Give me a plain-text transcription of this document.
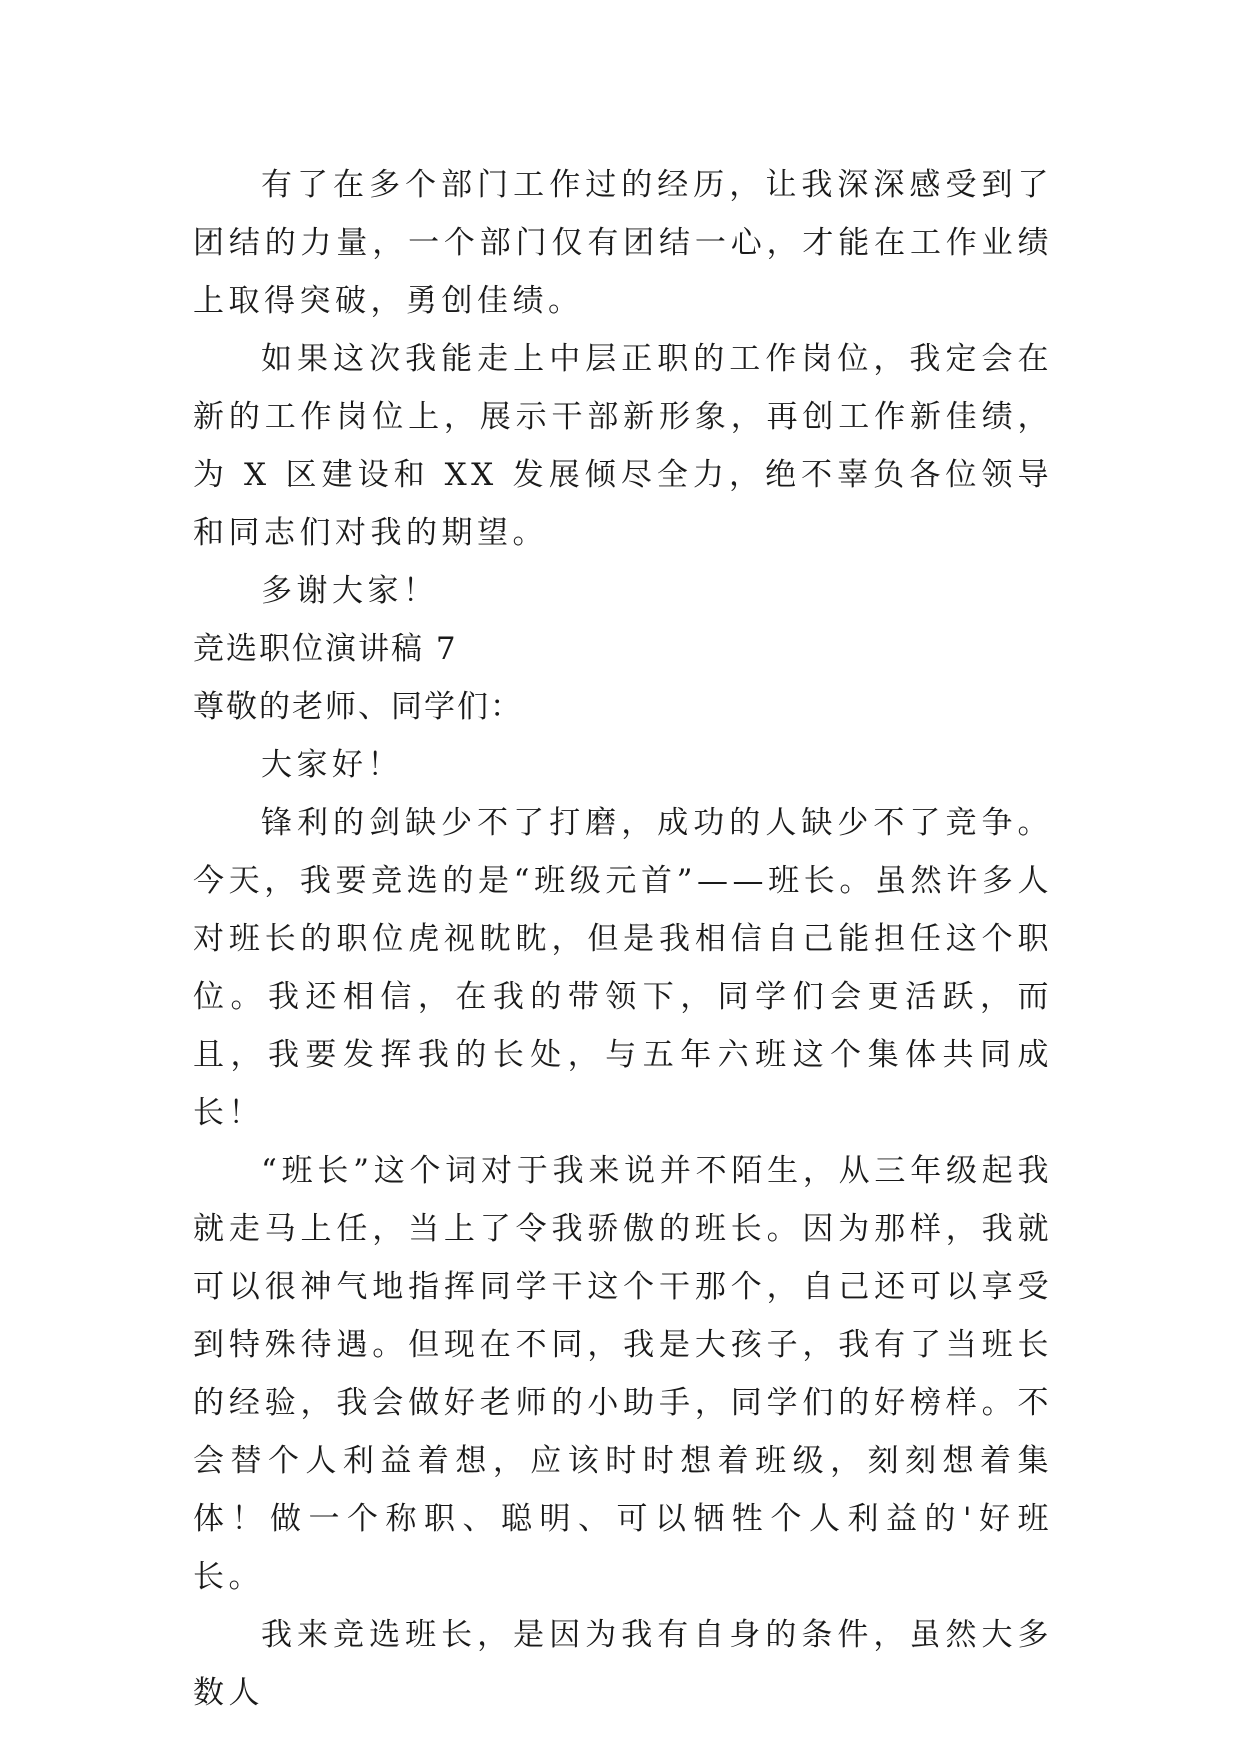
有了在多个部门工作过的经历，让我深深感受到了团结的力量，一个部门仅有团结一心，才能在工作业绩上取得突破，勇创佳绩。

如果这次我能走上中层正职的工作岗位，我定会在新的工作岗位上，展示干部新形象，再创工作新佳绩，为 X 区建设和 XX 发展倾尽全力，绝不辜负各位领导和同志们对我的期望。

多谢大家！

竞选职位演讲稿 7

尊敬的老师、同学们：

大家好！

锋利的剑缺少不了打磨，成功的人缺少不了竞争。今天，我要竞选的是“班级元首”——班长。虽然许多人对班长的职位虎视眈眈，但是我相信自己能担任这个职位。我还相信，在我的带领下，同学们会更活跃，而且，我要发挥我的长处，与五年六班这个集体共同成长！

“班长”这个词对于我来说并不陌生，从三年级起我就走马上任，当上了令我骄傲的班长。因为那样，我就可以很神气地指挥同学干这个干那个，自己还可以享受到特殊待遇。但现在不同，我是大孩子，我有了当班长的经验，我会做好老师的小助手，同学们的好榜样。不会替个人利益着想，应该时时想着班级，刻刻想着集体！做一个称职、聪明、可以牺牲个人利益的'好班长。

我来竞选班长，是因为我有自身的条件，虽然大多数人
